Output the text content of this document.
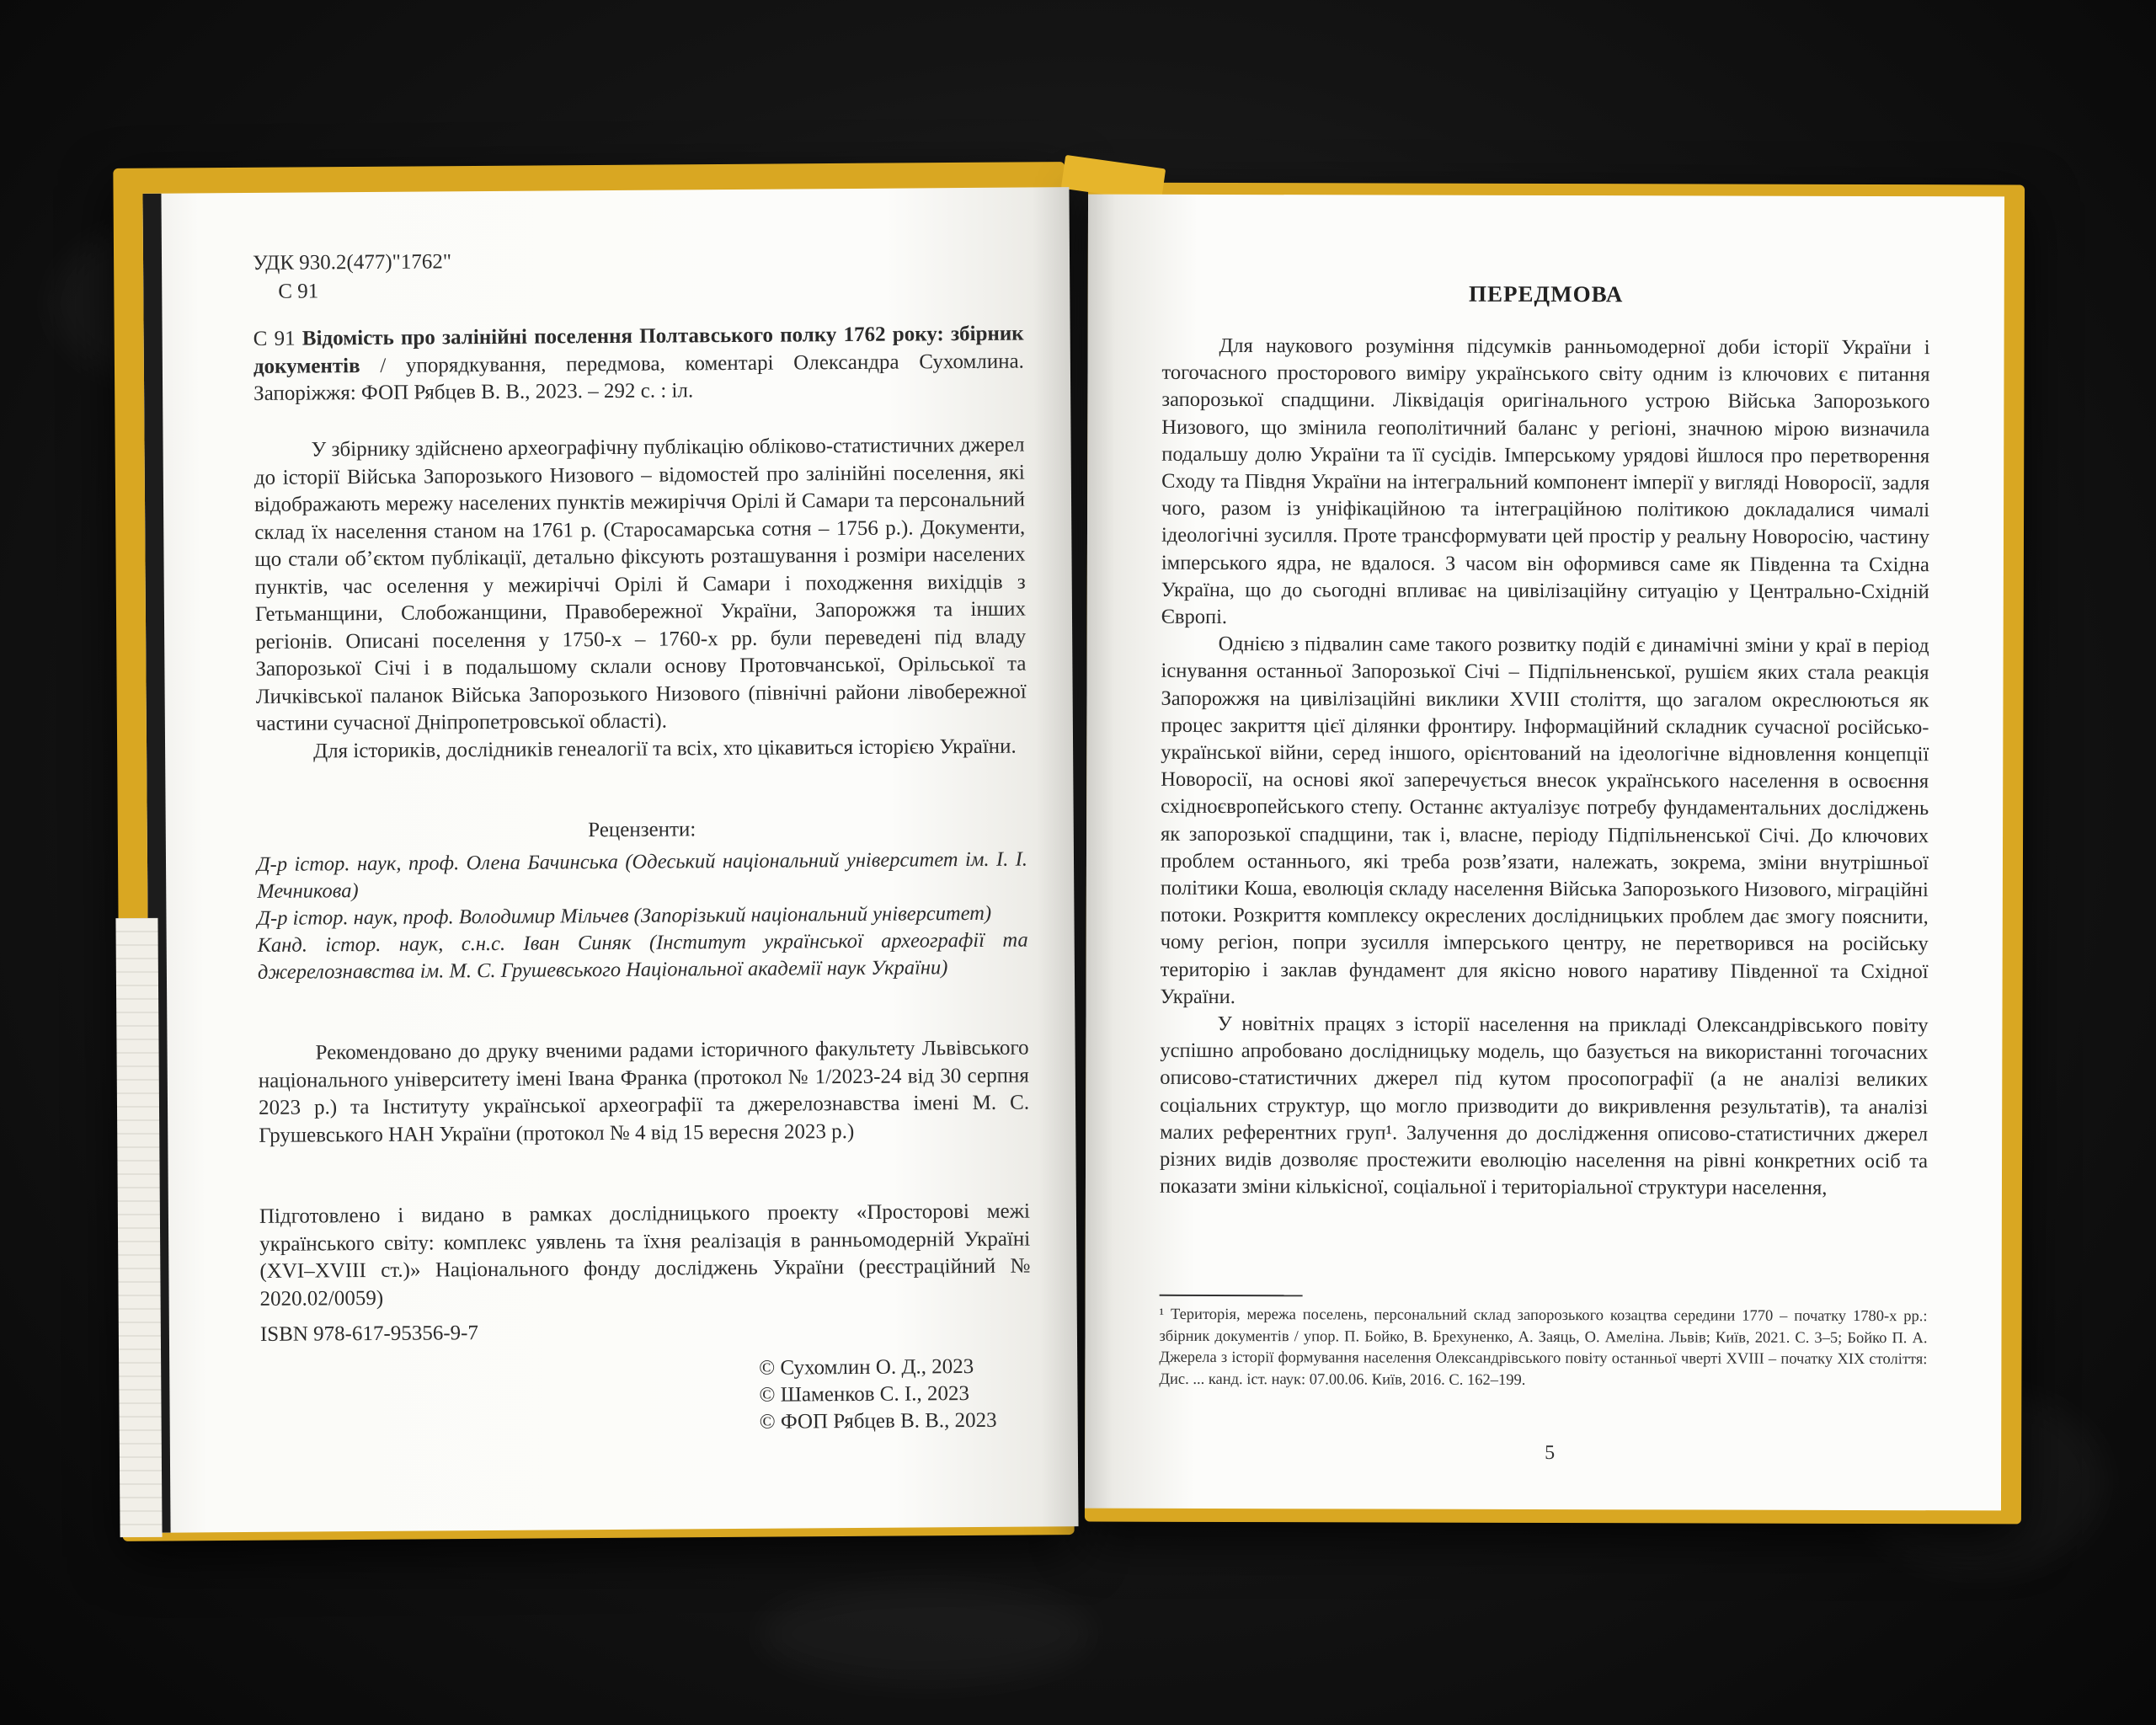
УДК 930.2(477)"1762"
С 91
С 91 Відомість про залінійні поселення Полтавського полку 1762 року: збірник документів / упорядкування, передмова, коментарі Олександра Сухомлина. Запоріжжя: ФОП Рябцев В. В., 2023. – 292 с. : іл.

У збірнику здійснено археографічну публікацію обліково-статистичних джерел до історії Війська Запорозького Низового – відомостей про залінійні поселення, які відображають мережу населених пунктів межиріччя Орілі й Самари та персональний склад їх населення станом на 1761 р. (Старосамарська сотня – 1756 р.). Документи, що стали об’єктом публікації, детально фіксують розташування і розміри населених пунктів, час оселення у межиріччі Орілі й Самари і походження вихідців з Гетьманщини, Слобожанщини, Правобережної України, Запорожжя та інших регіонів. Описані поселення у 1750-х – 1760-х рр. були переведені під владу Запорозької Січі і в подальшому склали основу Протовчанської, Орільської та Личківської паланок Війська Запорозького Низового (північні райони лівобережної частини сучасної Дніпропетровської області).

Для істориків, дослідників генеалогії та всіх, хто цікавиться історією України.

Рецензенти:

Д-р істор. наук, проф. Олена Бачинська (Одеський національний університет ім. І. І. Мечникова)

Д-р істор. наук, проф. Володимир Мільчев (Запорізький національний університет)

Канд. істор. наук, с.н.с. Іван Синяк (Інститут української археографії та джерелознавства ім. М. С. Грушевського Національної академії наук України)

Рекомендовано до друку вченими радами історичного факультету Львівського національного університету імені Івана Франка (протокол № 1/2023-24 від 30 серпня 2023 р.) та Інституту української археографії та джерелознавства імені М. С. Грушевського НАН України (протокол № 4 від 15 вересня 2023 р.)

Підготовлено і видано в рамках дослідницького проекту «Просторові межі українського світу: комплекс уявлень та їхня реалізація в ранньомодерній Україні (XVI–XVIII ст.)» Національного фонду досліджень України (реєстраційний № 2020.02/0059)
ISBN 978-617-95356-9-7
© Сухомлин О. Д., 2023
© Шаменков С. І., 2023
© ФОП Рябцев В. В., 2023
ПЕРЕДМОВА

Для наукового розуміння підсумків ранньомодерної доби історії України і тогочасного просторового виміру українського світу одним із ключових є питання запорозької спадщини. Ліквідація оригінального устрою Війська Запорозького Низового, що змінила геополітичний баланс у регіоні, значною мірою визначила подальшу долю України та її сусідів. Імперському урядові йшлося про перетворення Сходу та Півдня України на інтегральний компонент імперії у вигляді Новоросії, задля чого, разом із уніфікаційною та інтеграційною політикою докладалися чималі ідеологічні зусилля. Проте трансформувати цей простір у реальну Новоросію, частину імперського ядра, не вдалося. З часом він оформився саме як Південна та Східна Україна, що до сьогодні впливає на цивілізаційну ситуацію у Центрально-Східній Європі.

Однією з підвалин саме такого розвитку подій є динамічні зміни у краї в період існування останньої Запорозької Січі – Підпільненської, рушієм яких стала реакція Запорожжя на цивілізаційні виклики XVIII століття, що загалом окреслюються як процес закриття цієї ділянки фронтиру. Інформаційний складник сучасної російсько-української війни, серед іншого, орієнтований на ідеологічне відновлення концепції Новоросії, на основі якої заперечується внесок українського населення в освоєння східноєвропейського степу. Останнє актуалізує потребу фундаментальних досліджень як запорозької спадщини, так і, власне, періоду Підпільненської Січі. До ключових проблем останнього, які треба розв’язати, належать, зокрема, зміни внутрішньої політики Коша, еволюція складу населення Війська Запорозького Низового, міграційні потоки. Розкриття комплексу окреслених дослідницьких проблем дає змогу пояснити, чому регіон, попри зусилля імперського центру, не перетворився на російську територію і заклав фундамент для якісно нового наративу Південної та Східної України.

У новітніх працях з історії населення на прикладі Олександрівського повіту успішно апробовано дослідницьку модель, що базується на використанні тогочасних описово-статистичних джерел під кутом просопографії (а не аналізі великих соціальних структур, що могло призводити до викривлення результатів), та аналізі малих референтних груп¹. Залучення до дослідження описово-статистичних джерел різних видів дозволяє простежити еволюцію населення на рівні конкретних осіб та показати зміни кількісної, соціальної і територіальної структури населення,

¹ Територія, мережа поселень, персональний склад запорозького козацтва середини 1770 – початку 1780-х рр.: збірник документів / упор. П. Бойко, В. Брехуненко, А. Заяць, О. Амеліна. Львів; Київ, 2021. С. 3–5; Бойко П. А. Джерела з історії формування населення Олександрівського повіту останньої чверті XVIII – початку XIX століття: Дис. ... канд. іст. наук: 07.00.06. Київ, 2016. С. 162–199.
5
